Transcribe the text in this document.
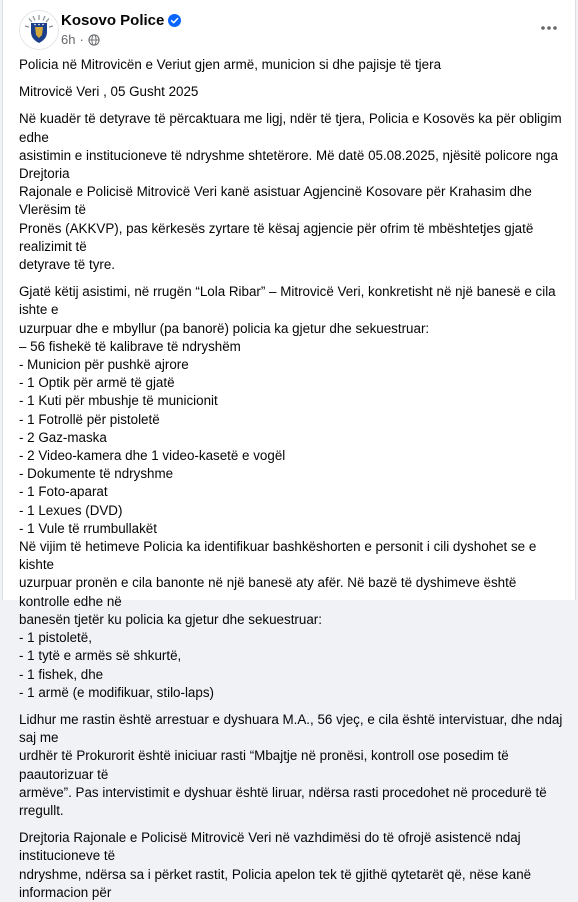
Kosovo Police
6h ·

Policia në Mitrovicën e Veriut gjen armë, municion si dhe pajisje të tjera

Mitrovicë Veri , 05 Gusht 2025

Në kuadër të detyrave të përcaktuara me ligj, ndër të tjera, Policia e Kosovës ka për obligim edhe
asistimin e institucioneve të ndryshme shtetërore. Më datë 05.08.2025, njësitë policore nga Drejtoria
Rajonale e Policisë Mitrovicë Veri kanë asistuar Agjencinë Kosovare për Krahasim dhe Vlerësim të
Pronës (AKKVP), pas kërkesës zyrtare të kësaj agjencie për ofrim të mbështetjes gjatë realizimit të
detyrave të tyre.

Gjatë këtij asistimi, në rrugën “Lola Ribar” – Mitrovicë Veri, konkretisht në një banesë e cila ishte e
uzurpuar dhe e mbyllur (pa banorë) policia ka gjetur dhe sekuestruar:
– 56 fishekë të kalibrave të ndryshëm
- Municion për pushkë ajrore
- 1 Optik për armë të gjatë
- 1 Kuti për mbushje të municionit
- 1 Fotrollë për pistoletë
- 2 Gaz-maska
- 2 Video-kamera dhe 1 video-kasetë e vogël
- Dokumente të ndryshme
- 1 Foto-aparat
- 1 Lexues (DVD)
- 1 Vule të rrumbullakët
Në vijim të hetimeve Policia ka identifikuar bashkëshorten e personit i cili dyshohet se e kishte
uzurpuar pronën e cila banonte në një banesë aty afër. Në bazë të dyshimeve është kontrolle edhe në
banesën tjetër ku policia ka gjetur dhe sekuestruar:
- 1 pistoletë,
- 1 tytë e armës së shkurtë,
- 1 fishek, dhe
- 1 armë (e modifikuar, stilo-laps)

Lidhur me rastin është arrestuar e dyshuara M.A., 56 vjeç, e cila është intervistuar, dhe ndaj saj me
urdhër të Prokurorit është iniciuar rasti “Mbajtje në pronësi, kontroll ose posedim të paautorizuar të
armëve”. Pas intervistimit e dyshuar është liruar, ndërsa rasti procedohet në procedurë të rregullt.

Drejtoria Rajonale e Policisë Mitrovicë Veri në vazhdimësi do të ofrojë asistencë ndaj institucioneve të
ndryshme, ndërsa sa i përket rastit, Policia apelon tek të gjithë qytetarët që, nëse kanë informacion për
